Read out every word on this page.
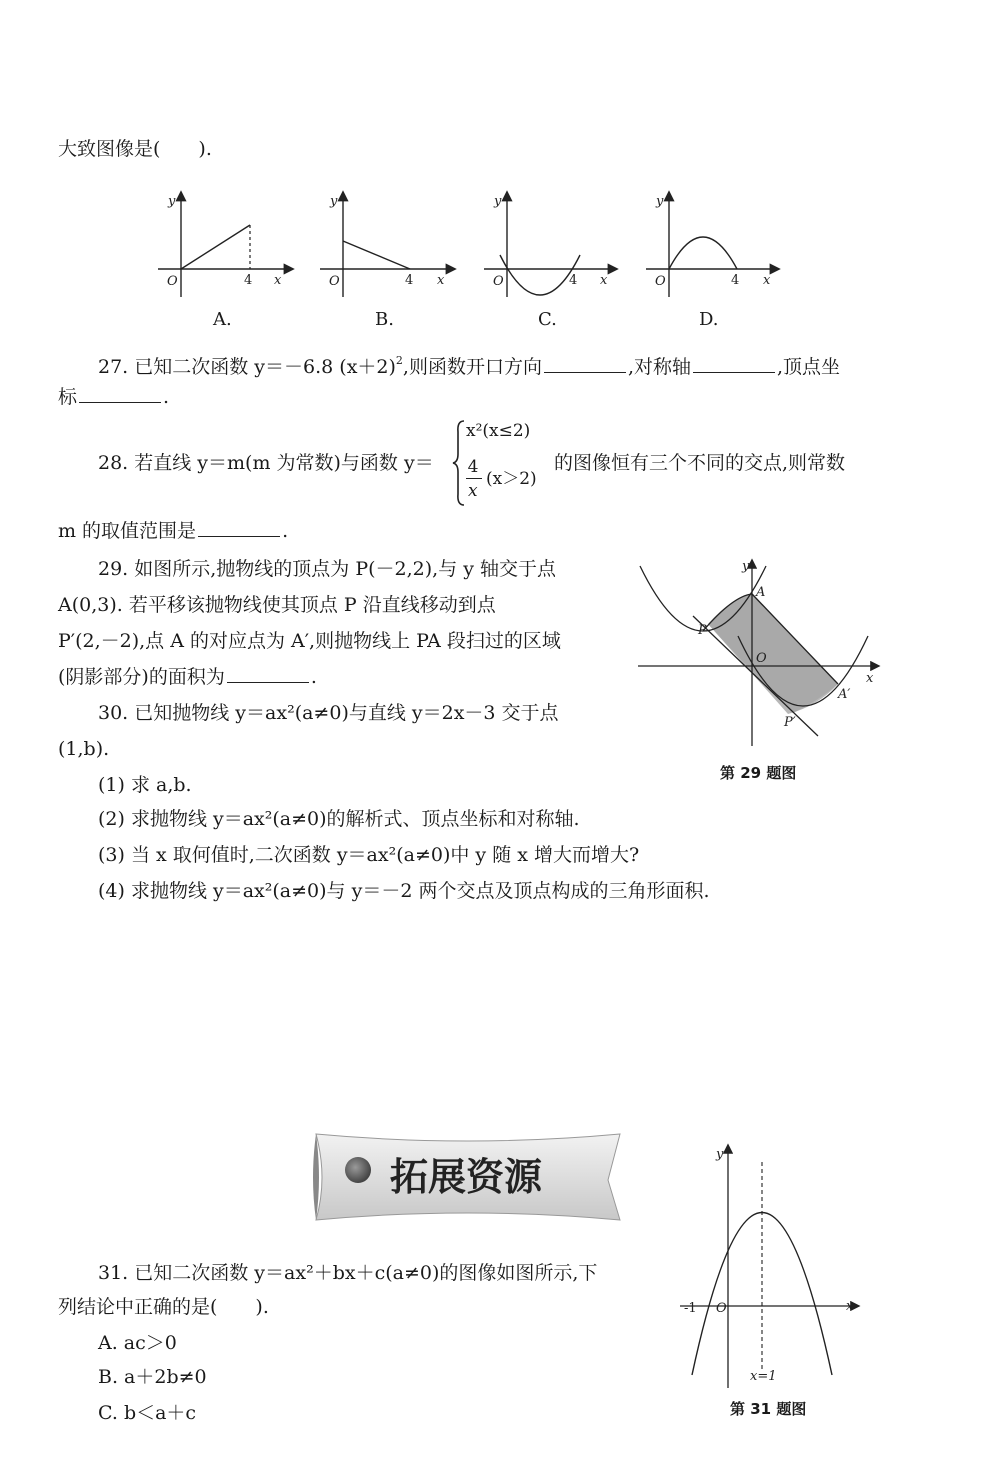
大致图像是(　　).
y
O	4 x
y
O	4 x
y
O	4 x
y
O	4 x
A.	B.	C.	D.
27. 已知二次函数 y＝－6.8 $(x+2)^2$,则函数开口方向	,对称轴	,顶点坐
标	.
28. 若直线 y＝m(m 为常数)与函数 y＝
x²(x≤2)
4
x
(x＞2)
的图像恒有三个不同的交点,则常数
m 的取值范围是	.
29. 如图所示,抛物线的顶点为 P(－2,2),与 y 轴交于点
A(0,3). 若平移该抛物线使其顶点 P 沿直线移动到点
P′(2,－2),点 A 的对应点为 A′,则抛物线上 PA 段扫过的区域
(阴影部分)的面积为	.
y
x
O
A
P
A′
P′
第 29 题图
30. 已知抛物线 y＝ax²(a≠0)与直线 y＝2x－3 交于点
(1,b).
(1) 求 a,b.
(2) 求抛物线 y＝ax²(a≠0)的解析式、顶点坐标和对称轴.
(3) 当 x 取何值时,二次函数 y＝ax²(a≠0)中 y 随 x 增大而增大?
(4) 求抛物线 y＝ax²(a≠0)与 y＝－2 两个交点及顶点构成的三角形面积.
拓展资源
31. 已知二次函数 y＝ax²＋bx＋c(a≠0)的图像如图所示,下
列结论中正确的是(　　).
A. ac＞0
B. a＋2b≠0
C. b＜a＋c
y
x
O
-1
x=1
第 31 题图
